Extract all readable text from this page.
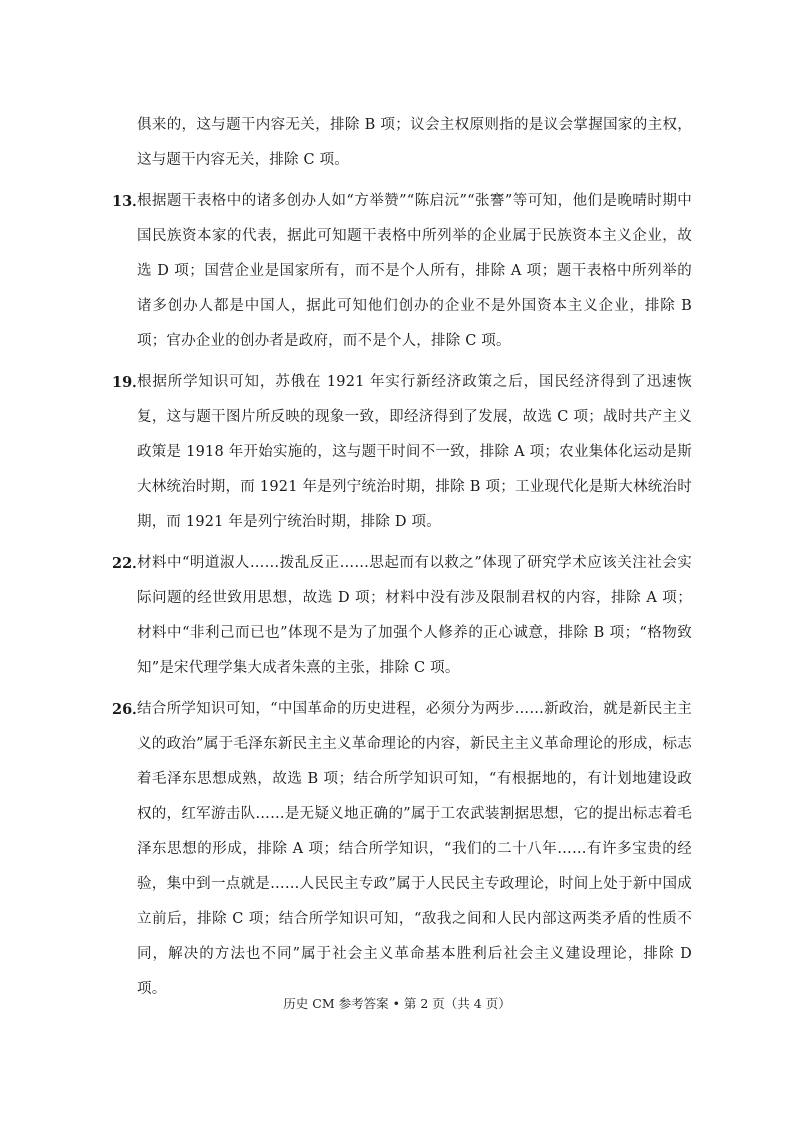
俱来的，这与题干内容无关，排除 B 项；议会主权原则指的是议会掌握国家的主权，这与题干内容无关，排除 C 项。
13．
根据题干表格中的诸多创办人如“方举赞”“陈启沅”“张謇”等可知，他们是晚晴时期中国民族资本家的代表，据此可知题干表格中所列举的企业属于民族资本主义企业，故选 D 项；国营企业是国家所有，而不是个人所有，排除 A 项；题干表格中所列举的诸多创办人都是中国人，据此可知他们创办的企业不是外国资本主义企业，排除 B 项；官办企业的创办者是政府，而不是个人，排除 C 项。
19．
根据所学知识可知，苏俄在 1921 年实行新经济政策之后，国民经济得到了迅速恢复，这与题干图片所反映的现象一致，即经济得到了发展，故选 C 项；战时共产主义政策是 1918 年开始实施的，这与题干时间不一致，排除 A 项；农业集体化运动是斯大林统治时期，而 1921 年是列宁统治时期，排除 B 项；工业现代化是斯大林统治时期，而 1921 年是列宁统治时期，排除 D 项。
22．
材料中“明道淑人……拨乱反正……思起而有以救之”体现了研究学术应该关注社会实际问题的经世致用思想，故选 D 项；材料中没有涉及限制君权的内容，排除 A 项；材料中“非利己而已也”体现不是为了加强个人修养的正心诚意，排除 B 项；“格物致知”是宋代理学集大成者朱熹的主张，排除 C 项。
26．
结合所学知识可知，“中国革命的历史进程，必须分为两步……新政治，就是新民主主义的政治”属于毛泽东新民主主义革命理论的内容，新民主主义革命理论的形成，标志着毛泽东思想成熟，故选 B 项；结合所学知识可知，“有根据地的，有计划地建设政权的，红军游击队……是无疑义地正确的”属于工农武装割据思想，它的提出标志着毛泽东思想的形成，排除 A 项；结合所学知识，“我们的二十八年……有许多宝贵的经验，集中到一点就是……人民民主专政”属于人民民主专政理论，时间上处于新中国成立前后，排除 C 项；结合所学知识可知，“敌我之间和人民内部这两类矛盾的性质不同，解决的方法也不同”属于社会主义革命基本胜利后社会主义建设理论，排除 D 项。
历史 CM 参考答案 • 第 2 页（共 4 页）
